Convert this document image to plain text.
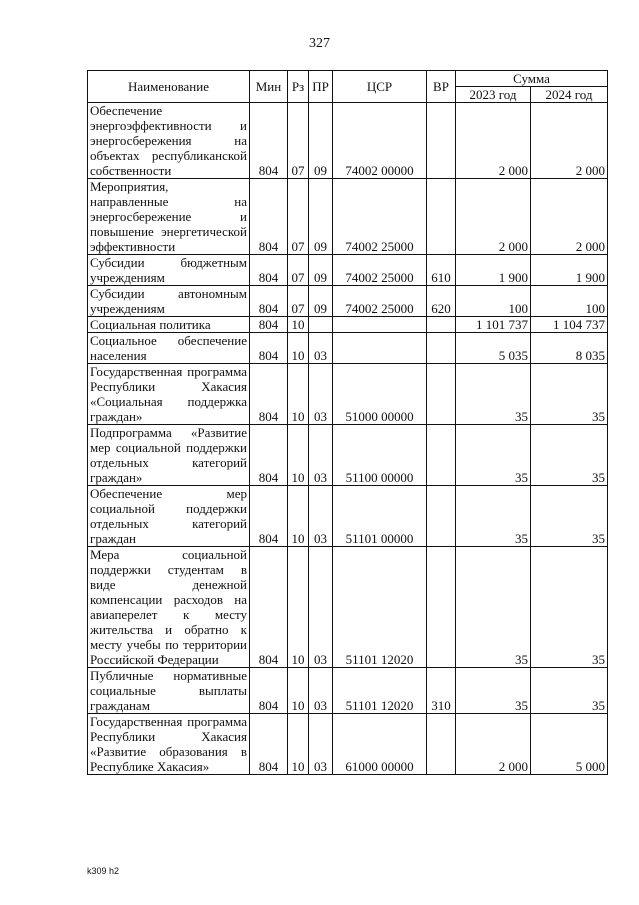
327
Наименование	Мин	Рз	ПР	ЦСР	ВР	Сумма	
						2023 год	2024 год
Обеспечение энергоэффективности и энергосбережения на объектах республиканской собственности	804	07	09	74002 00000		2 000	2 000
Мероприятия, направленные на энергосбережение и повышение энергетической эффективности	804	07	09	74002 25000		2 000	2 000
Субсидии бюджетным учреждениям	804	07	09	74002 25000	610	1 900	1 900
Субсидии автономным учреждениям	804	07	09	74002 25000	620	100	100
Социальная политика	804	10				1 101 737	1 104 737
Социальное обеспечение населения	804	10	03			5 035	8 035
Государственная программа Республики Хакасия «Социальная поддержка граждан»	804	10	03	51000 00000		35	35
Подпрограмма «Развитие мер социальной поддержки отдельных категорий граждан»	804	10	03	51100 00000		35	35
Обеспечение мер социальной поддержки отдельных категорий граждан	804	10	03	51101 00000		35	35
Мера социальной поддержки студентам в виде денежной компенсации расходов на авиаперелет к месту жительства и обратно к месту учебы по территории Российской Федерации	804	10	03	51101 12020		35	35
Публичные нормативные социальные выплаты гражданам	804	10	03	51101 12020	310	35	35
Государственная программа Республики Хакасия «Развитие образования в Республике Хакасия»	804	10	03	61000 00000		2 000	5 000
k309 h2
